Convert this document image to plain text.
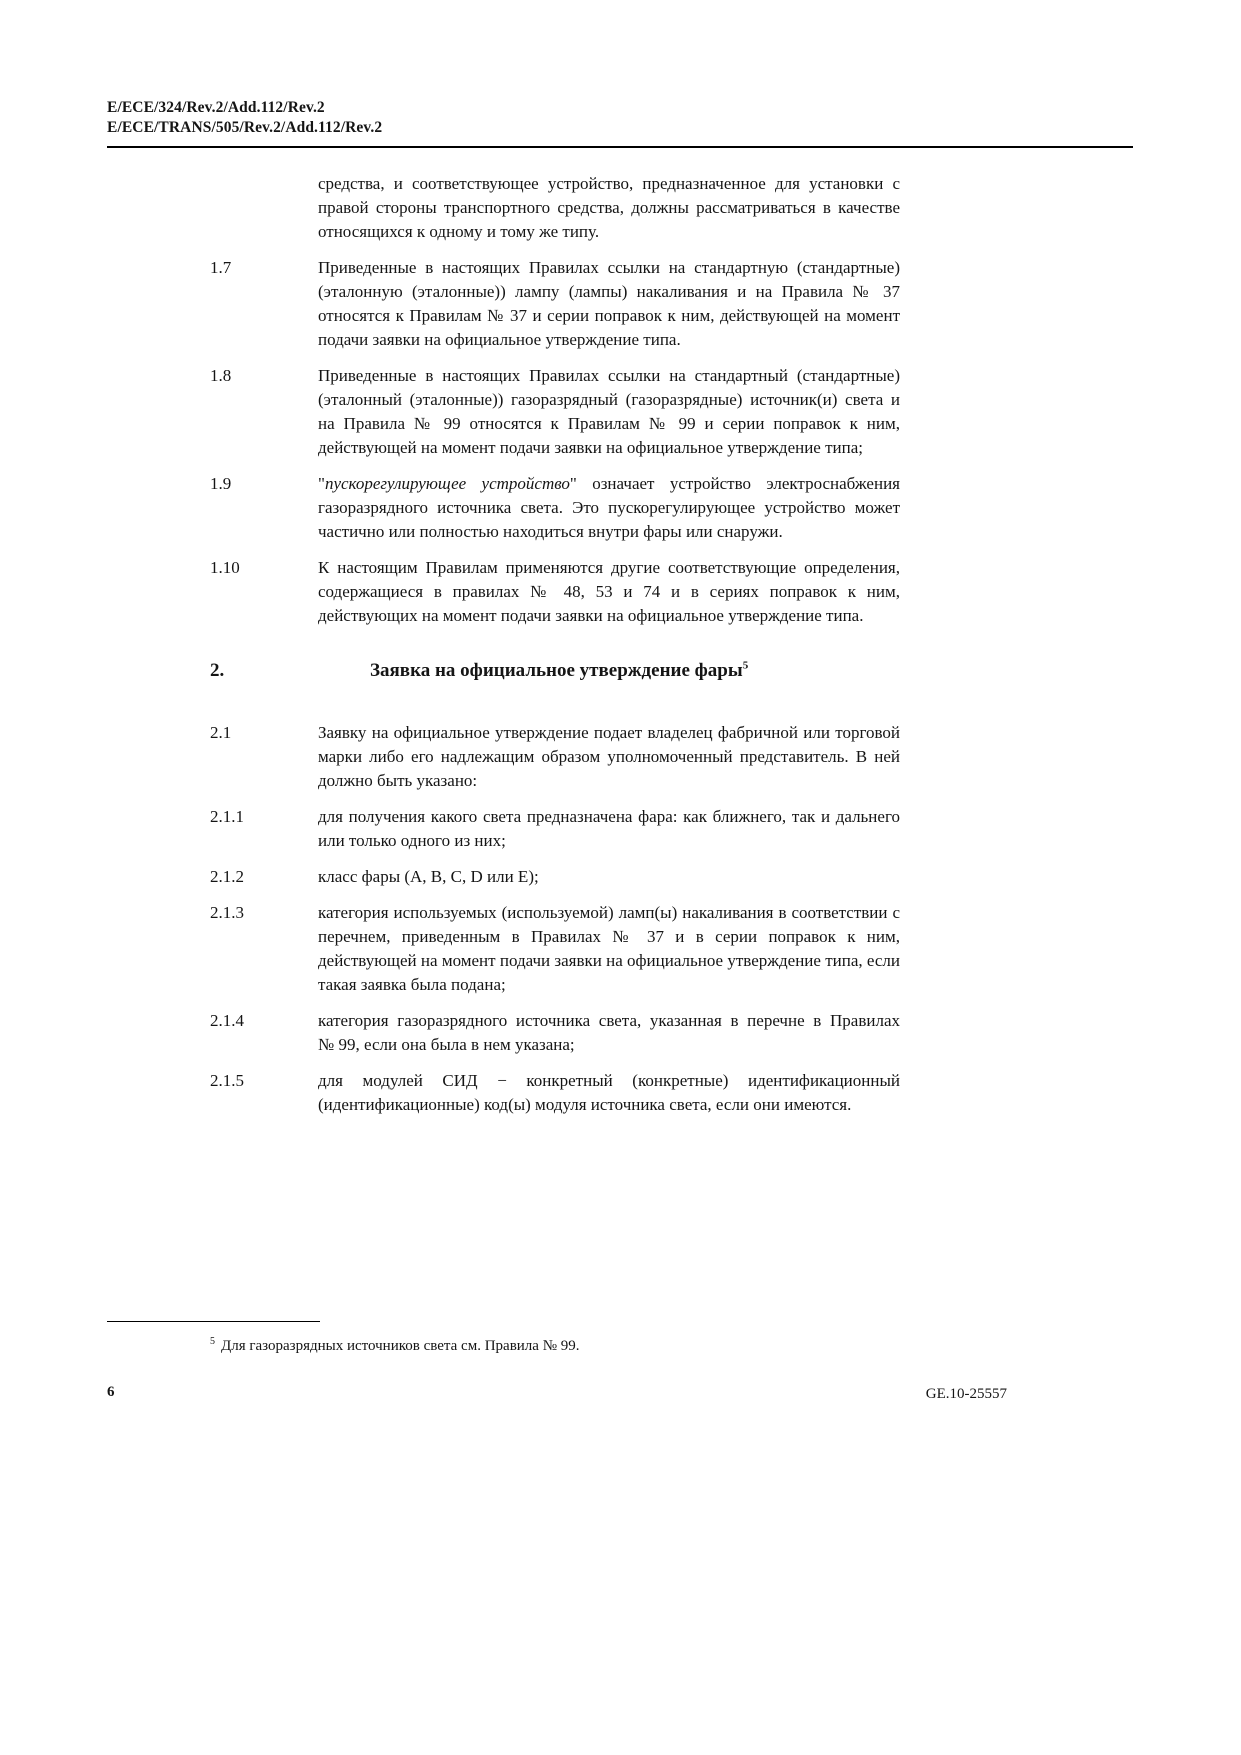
E/ECE/324/Rev.2/Add.112/Rev.2
E/ECE/TRANS/505/Rev.2/Add.112/Rev.2
средства, и соответствующее устройство, предназначенное для установки с правой стороны транспортного средства, должны рассматриваться в качестве относящихся к одному и тому же типу.
1.7	Приведенные в настоящих Правилах ссылки на стандартную (стандартные) (эталонную (эталонные)) лампу (лампы) накаливания и на Правила № 37 относятся к Правилам № 37 и серии поправок к ним, действующей на момент подачи заявки на официальное утверждение типа.
1.8	Приведенные в настоящих Правилах ссылки на стандартный (стандартные) (эталонный (эталонные)) газоразрядный (газоразрядные) источник(и) света и на Правила № 99 относятся к Правилам № 99 и серии поправок к ним, действующей на момент подачи заявки на официальное утверждение типа;
1.9	"пускорегулирующее устройство" означает устройство электроснабжения газоразрядного источника света. Это пускорегулирующее устройство может частично или полностью находиться внутри фары или снаружи.
1.10	К настоящим Правилам применяются другие соответствующие определения, содержащиеся в правилах № 48, 53 и 74 и в сериях поправок к ним, действующих на момент подачи заявки на официальное утверждение типа.
2.	Заявка на официальное утверждение фары$^5$
2.1	Заявку на официальное утверждение подает владелец фабричной или торговой марки либо его надлежащим образом уполномоченный представитель. В ней должно быть указано:
2.1.1	для получения какого света предназначена фара: как ближнего, так и дальнего или только одного из них;
2.1.2	класс фары (A, B, C, D или E);
2.1.3	категория используемых (используемой) ламп(ы) накаливания в соответствии с перечнем, приведенным в Правилах № 37 и в серии поправок к ним, действующей на момент подачи заявки на официальное утверждение типа, если такая заявка была подана;
2.1.4	категория газоразрядного источника света, указанная в перечне в Правилах № 99, если она была в нем указана;
2.1.5	для модулей СИД − конкретный (конкретные) идентификационный (идентификационные) код(ы) модуля источника света, если они имеются.
$^5$ Для газоразрядных источников света см. Правила № 99.
6	GE.10-25557
